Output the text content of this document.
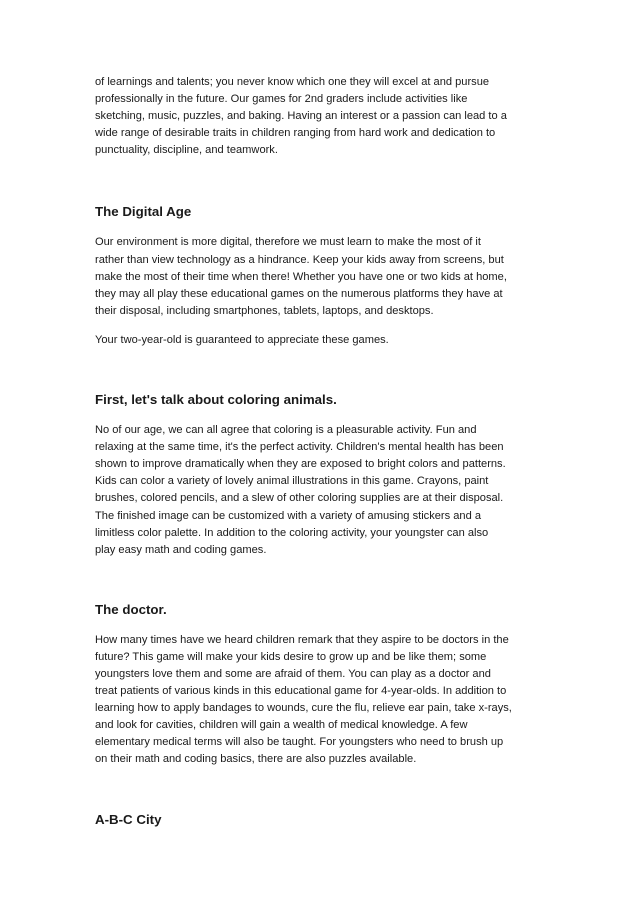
of learnings and talents; you never know which one they will excel at and pursue
professionally in the future. Our games for 2nd graders include activities like
sketching, music, puzzles, and baking. Having an interest or a passion can lead to a
wide range of desirable traits in children ranging from hard work and dedication to
punctuality, discipline, and teamwork.

The Digital Age

Our environment is more digital, therefore we must learn to make the most of it
rather than view technology as a hindrance. Keep your kids away from screens, but
make the most of their time when there! Whether you have one or two kids at home,
they may all play these educational games on the numerous platforms they have at
their disposal, including smartphones, tablets, laptops, and desktops.

Your two-year-old is guaranteed to appreciate these games.

First, let's talk about coloring animals.

No of our age, we can all agree that coloring is a pleasurable activity. Fun and
relaxing at the same time, it's the perfect activity. Children's mental health has been
shown to improve dramatically when they are exposed to bright colors and patterns.
Kids can color a variety of lovely animal illustrations in this game. Crayons, paint
brushes, colored pencils, and a slew of other coloring supplies are at their disposal.
The finished image can be customized with a variety of amusing stickers and a
limitless color palette. In addition to the coloring activity, your youngster can also
play easy math and coding games.

The doctor.

How many times have we heard children remark that they aspire to be doctors in the
future? This game will make your kids desire to grow up and be like them; some
youngsters love them and some are afraid of them. You can play as a doctor and
treat patients of various kinds in this educational game for 4-year-olds. In addition to
learning how to apply bandages to wounds, cure the flu, relieve ear pain, take x-rays,
and look for cavities, children will gain a wealth of medical knowledge. A few
elementary medical terms will also be taught. For youngsters who need to brush up
on their math and coding basics, there are also puzzles available.

A-B-C City
